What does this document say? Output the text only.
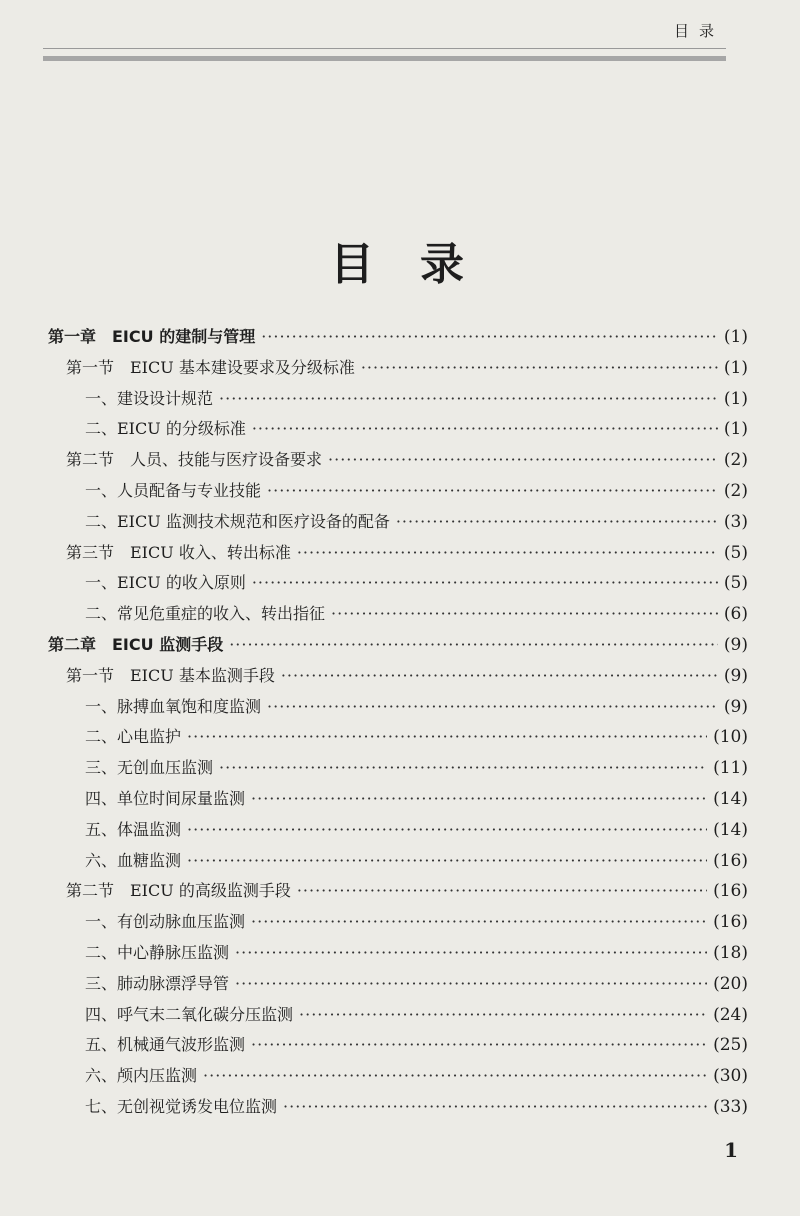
目录
目录
第一章　EICU 的建制与管理 ·····	(1)
第一节　EICU 基本建设要求及分级标准 ·····	(1)
一、建设设计规范 ·····	(1)
二、EICU 的分级标准 ·····	(1)
第二节　人员、技能与医疗设备要求 ·····	(2)
一、人员配备与专业技能 ·····	(2)
二、EICU 监测技术规范和医疗设备的配备 ·····	(3)
第三节　EICU 收入、转出标准 ·····	(5)
一、EICU 的收入原则 ·····	(5)
二、常见危重症的收入、转出指征 ·····	(6)
第二章　EICU 监测手段 ·····	(9)
第一节　EICU 基本监测手段 ·····	(9)
一、脉搏血氧饱和度监测 ·····	(9)
二、心电监护 ·····	(10)
三、无创血压监测 ·····	(11)
四、单位时间尿量监测 ·····	(14)
五、体温监测 ·····	(14)
六、血糖监测 ·····	(16)
第二节　EICU 的高级监测手段 ·····	(16)
一、有创动脉血压监测 ·····	(16)
二、中心静脉压监测 ·····	(18)
三、肺动脉漂浮导管 ·····	(20)
四、呼气末二氧化碳分压监测 ·····	(24)
五、机械通气波形监测 ·····	(25)
六、颅内压监测 ·····	(30)
七、无创视觉诱发电位监测 ·····	(33)
1
